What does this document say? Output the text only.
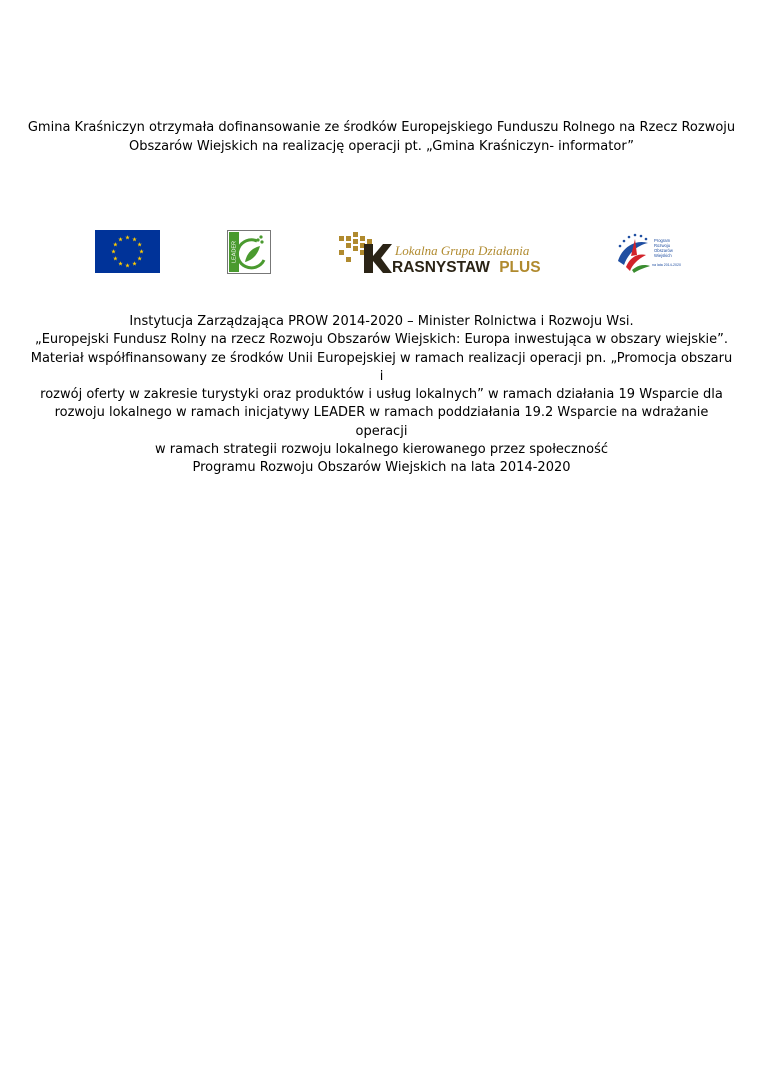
Gmina Kraśniczyn otrzymała dofinansowanie ze środków Europejskiego Funduszu Rolnego na Rzecz Rozwoju
Obszarów Wiejskich na realizację operacji pt. „Gmina Kraśniczyn- informator”
LEADER	Lokalna Grupa Działania
RASNYSTAW PLUS
Program Rozwoju Obszarów Wiejskich na lata 2014-2020
Instytucja Zarządzająca PROW 2014-2020 – Minister Rolnictwa i Rozwoju Wsi.
„Europejski Fundusz Rolny na rzecz Rozwoju Obszarów Wiejskich: Europa inwestująca w obszary wiejskie”.
Materiał współfinansowany ze środków Unii Europejskiej w ramach realizacji operacji pn. „Promocja obszaru i
rozwój oferty w zakresie turystyki oraz produktów i usług lokalnych” w ramach działania 19 Wsparcie dla
rozwoju lokalnego w ramach inicjatywy LEADER w ramach poddziałania 19.2 Wsparcie na wdrażanie operacji
w ramach strategii rozwoju lokalnego kierowanego przez społeczność
Programu Rozwoju Obszarów Wiejskich na lata 2014-2020
